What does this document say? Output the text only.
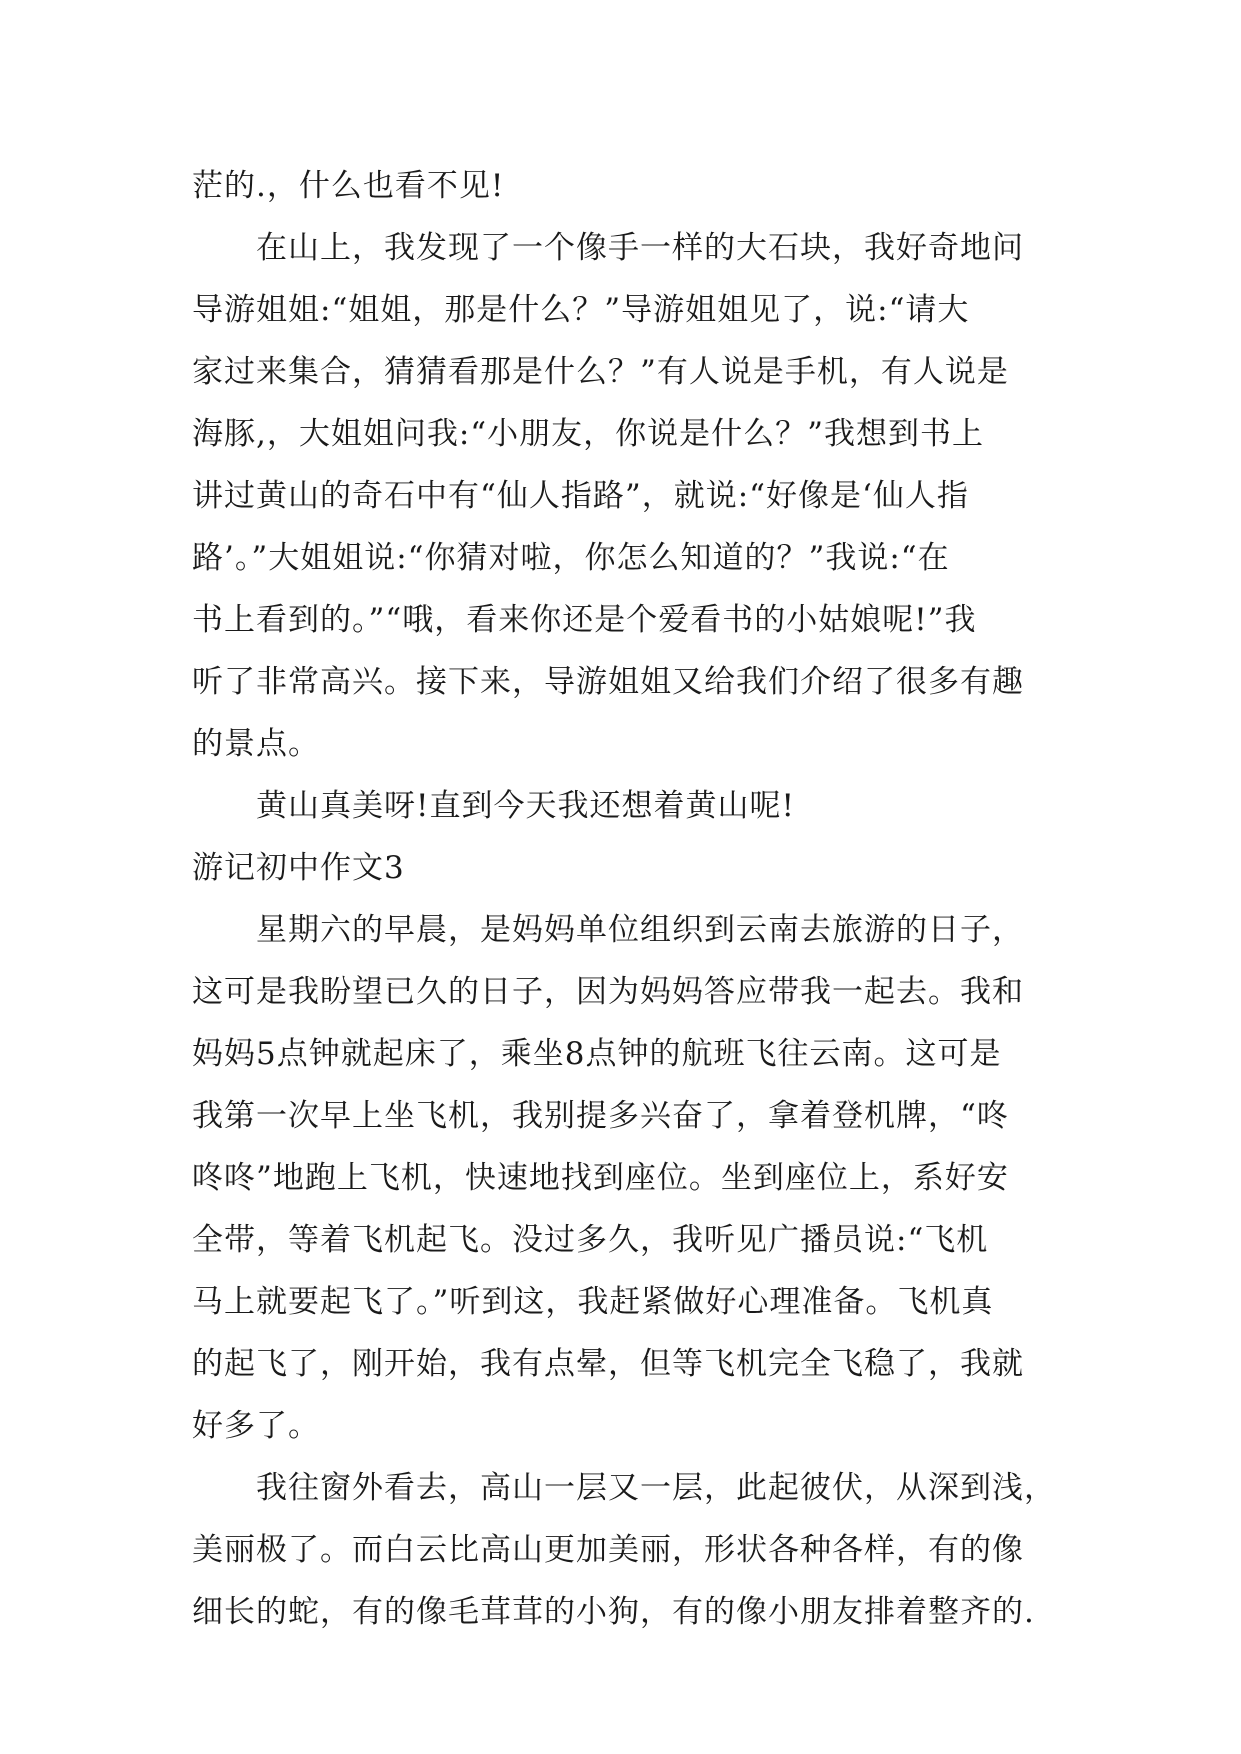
茫的.，什么也看不见!
在山上，我发现了一个像手一样的大石块，我好奇地问
导游姐姐:“姐姐，那是什么？”导游姐姐见了，说:“请大
家过来集合，猜猜看那是什么？”有人说是手机，有人说是
海豚,，大姐姐问我:“小朋友，你说是什么？”我想到书上
讲过黄山的奇石中有“仙人指路”，就说:“好像是‘仙人指
路’。”大姐姐说:“你猜对啦，你怎么知道的？”我说:“在
书上看到的。”“哦，看来你还是个爱看书的小姑娘呢!”我
听了非常高兴。接下来，导游姐姐又给我们介绍了很多有趣
的景点。
黄山真美呀!直到今天我还想着黄山呢!
游记初中作文3
星期六的早晨，是妈妈单位组织到云南去旅游的日子，
这可是我盼望已久的日子，因为妈妈答应带我一起去。我和
妈妈5点钟就起床了，乘坐8点钟的航班飞往云南。这可是
我第一次早上坐飞机，我别提多兴奋了，拿着登机牌，“咚
咚咚”地跑上飞机，快速地找到座位。坐到座位上，系好安
全带，等着飞机起飞。没过多久，我听见广播员说:“飞机
马上就要起飞了。”听到这，我赶紧做好心理准备。飞机真
的起飞了，刚开始，我有点晕，但等飞机完全飞稳了，我就
好多了。
我往窗外看去，高山一层又一层，此起彼伏，从深到浅，
美丽极了。而白云比高山更加美丽，形状各种各样，有的像
细长的蛇，有的像毛茸茸的小狗，有的像小朋友排着整齐的.
